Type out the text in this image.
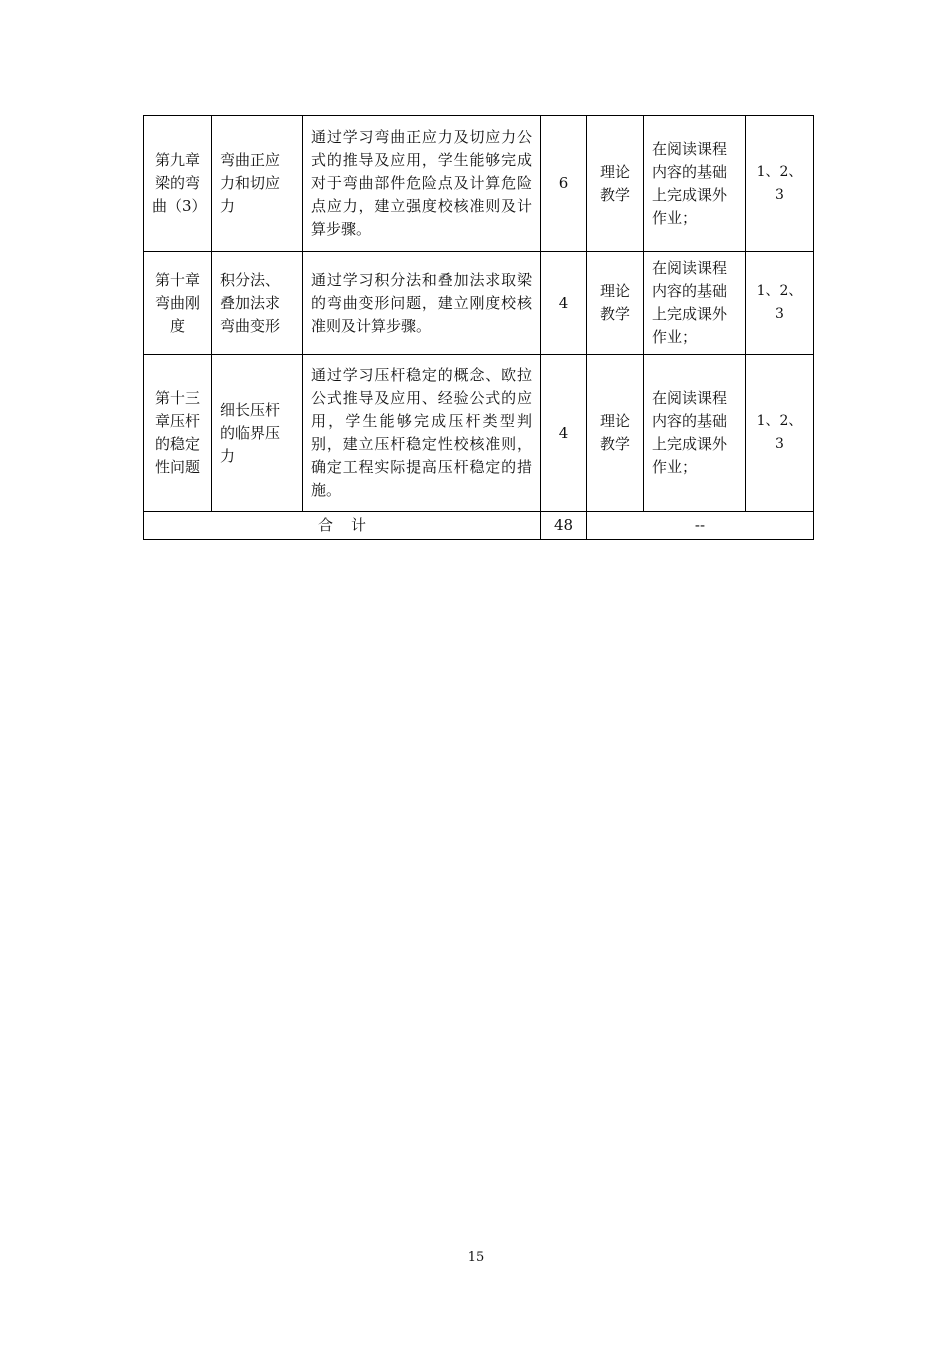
第九章梁的弯曲（3）	弯曲正应力和切应力	通过学习弯曲正应力及切应力公式的推导及应用，学生能够完成对于弯曲部件危险点及计算危险点应力，建立强度校核准则及计算步骤。	6	理论教学	在阅读课程内容的基础上完成课外作业；	1、2、3
第十章弯曲刚度	积分法、叠加法求弯曲变形	通过学习积分法和叠加法求取梁的弯曲变形问题，建立刚度校核准则及计算步骤。	4	理论教学	在阅读课程内容的基础上完成课外作业；	1、2、3
第十三章压杆的稳定性问题	细长压杆的临界压力	通过学习压杆稳定的概念、欧拉公式推导及应用、经验公式的应用，学生能够完成压杆类型判别，建立压杆稳定性校核准则，确定工程实际提高压杆稳定的措施。	4	理论教学	在阅读课程内容的基础上完成课外作业；	1、2、3
合 计			48	--		
15
